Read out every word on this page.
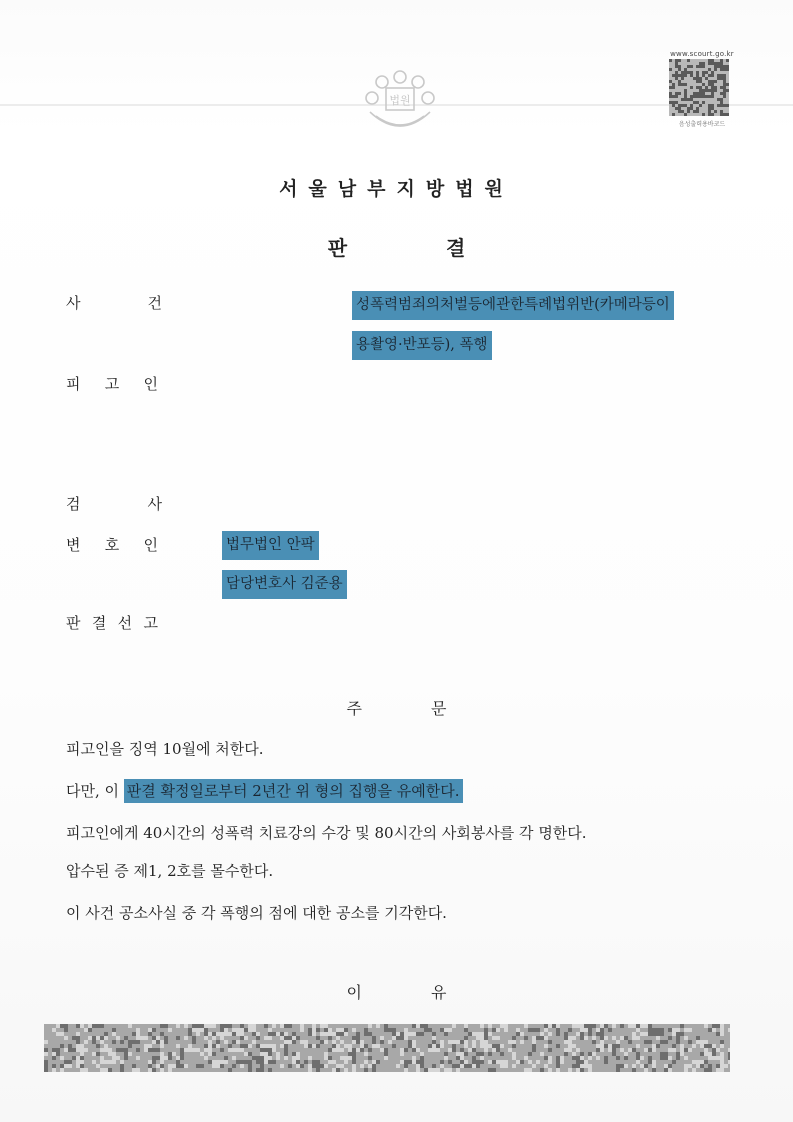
법원
www.scourt.go.kr
음성출력용바코드
서울남부지방법원
판	결
사	건	성폭력범죄의처벌등에관한특례법위반(카메라등이
용촬영·반포등), 폭행
피 고 인
검	사
변 호 인	법무법인 안팍
담당변호사 김준용
판 결 선 고
주	문
피고인을 징역 10월에 처한다.
다만, 이 판결 확정일로부터 2년간 위 형의 집행을 유예한다.
피고인에게 40시간의 성폭력 치료강의 수강 및 80시간의 사회봉사를 각 명한다.
압수된 증 제1, 2호를 몰수한다.
이 사건 공소사실 중 각 폭행의 점에 대한 공소를 기각한다.
이	유
